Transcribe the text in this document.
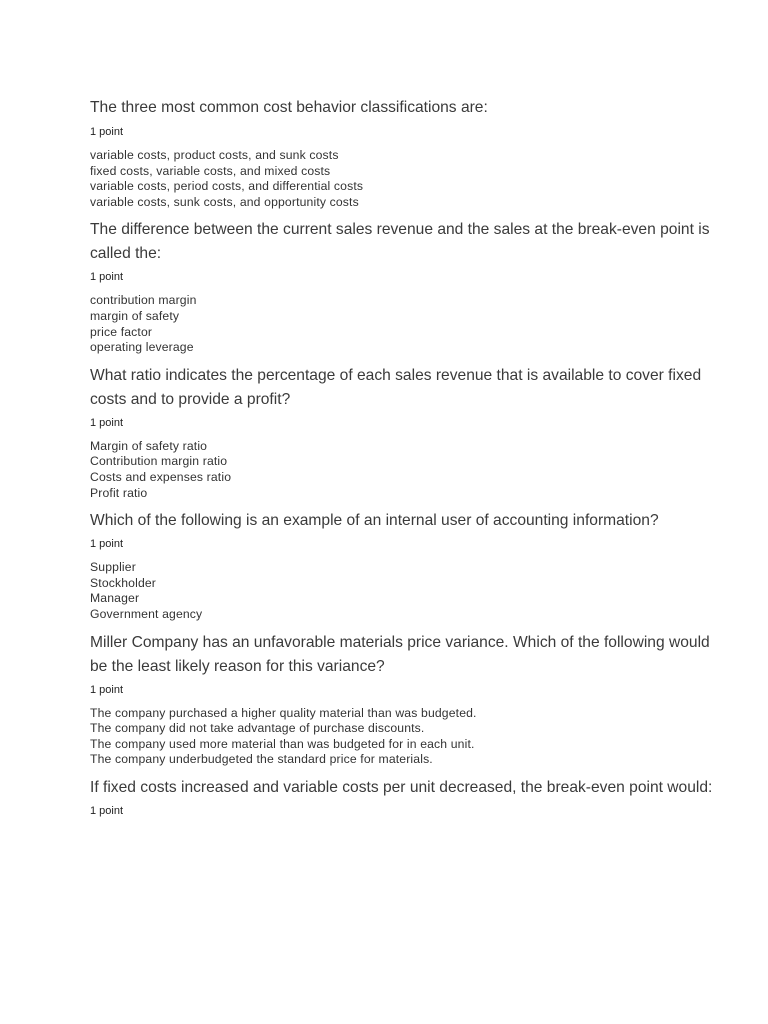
The three most common cost behavior classifications are:

1 point

variable costs, product costs, and sunk costs
fixed costs, variable costs, and mixed costs
variable costs, period costs, and differential costs
variable costs, sunk costs, and opportunity costs

The difference between the current sales revenue and the sales at the break-even point is called the:

1 point

contribution margin
margin of safety
price factor
operating leverage

What ratio indicates the percentage of each sales revenue that is available to cover fixed costs and to provide a profit?

1 point

Margin of safety ratio
Contribution margin ratio
Costs and expenses ratio
Profit ratio

Which of the following is an example of an internal user of accounting information?

1 point

Supplier
Stockholder
Manager
Government agency

Miller Company has an unfavorable materials price variance. Which of the following would be the least likely reason for this variance?

1 point

The company purchased a higher quality material than was budgeted.
The company did not take advantage of purchase discounts.
The company used more material than was budgeted for in each unit.
The company underbudgeted the standard price for materials.

If fixed costs increased and variable costs per unit decreased, the break-even point would:

1 point
